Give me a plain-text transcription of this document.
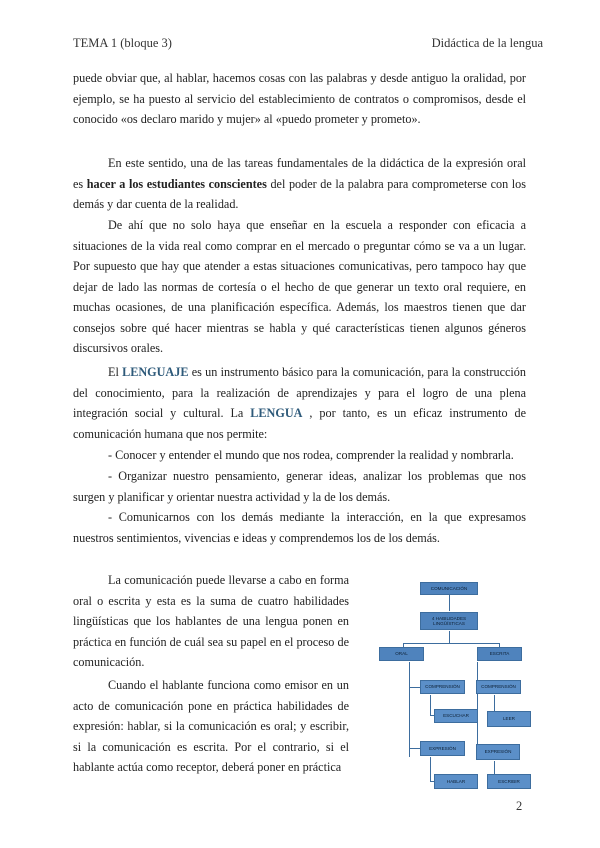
TEMA 1 (bloque 3)	Didáctica de la lengua

puede obviar que, al hablar, hacemos cosas con las palabras y desde antiguo la oralidad, por ejemplo, se ha puesto al servicio del establecimiento de contratos o compromisos, desde el conocido «os declaro marido y mujer» al «puedo prometer y prometo».

En este sentido, una de las tareas fundamentales de la didáctica de la expresión oral es hacer a los estudiantes conscientes del poder de la palabra para comprometerse con los demás y dar cuenta de la realidad.

De ahí que no solo haya que enseñar en la escuela a responder con eficacia a situaciones de la vida real como comprar en el mercado o preguntar cómo se va a un lugar. Por supuesto que hay que atender a estas situaciones comunicativas, pero tampoco hay que dejar de lado las normas de cortesía o el hecho de que generar un texto oral requiere, en muchas ocasiones, de una planificación específica. Además, los maestros tienen que dar consejos sobre qué hacer mientras se habla y qué características tienen algunos géneros discursivos orales.

El LENGUAJE es un instrumento básico para la comunicación, para la construcción del conocimiento, para la realización de aprendizajes y para el logro de una plena integración social y cultural. La LENGUA , por tanto, es un eficaz instrumento de comunicación humana que nos permite:

- Conocer y entender el mundo que nos rodea, comprender la realidad y nombrarla.

- Organizar nuestro pensamiento, generar ideas, analizar los problemas que nos surgen y planificar y orientar nuestra actividad y la de los demás.

- Comunicarnos con los demás mediante la interacción, en la que expresamos nuestros sentimientos, vivencias e ideas y comprendemos los de los demás.

La comunicación puede llevarse a cabo en forma oral o escrita y esta es la suma de cuatro habilidades lingüísticas que los hablantes de una lengua ponen en práctica en función de cuál sea su papel en el proceso de comunicación.

Cuando el hablante funciona como emisor en un acto de comunicación pone en práctica habilidades de expresión: hablar, si la comunicación es oral; y escribir, si la comunicación es escrita. Por el contrario, si el hablante actúa como receptor, deberá poner en práctica

COMUNICACIÓN
4 HABILIDADES LINGÜÍSTICAS
ORAL	ESCRITA
COMPRENSIÓN	COMPRENSIÓN
ESCUCHAR
LEER
EXPRESIÓN
EXPRESIÓN
HABLAR	ESCRIBIR
2
